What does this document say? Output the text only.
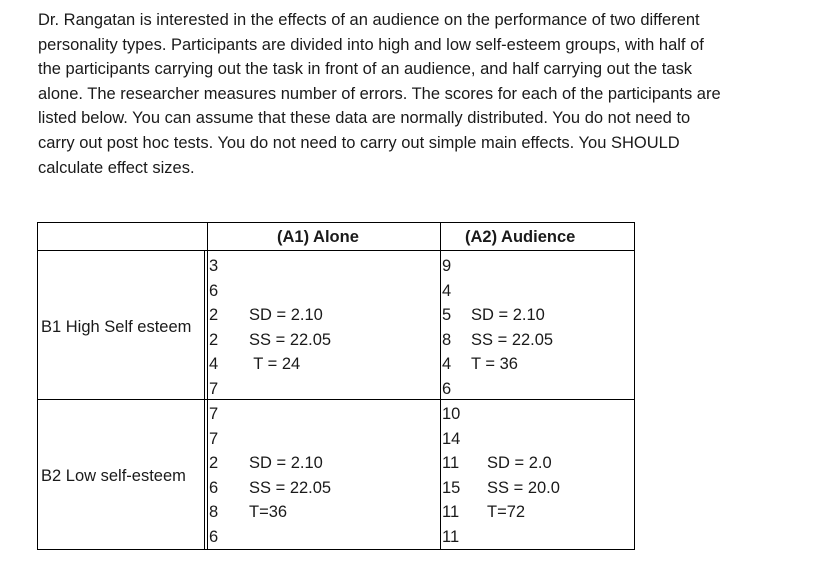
Dr. Rangatan is interested in the effects of an audience on the performance of two different
personality types. Participants are divided into high and low self-esteem groups, with half of
the participants carrying out the task in front of an audience, and half carrying out the task
alone. The researcher measures number of errors. The scores for each of the participants are
listed below. You can assume that these data are normally distributed. You do not need to
carry out post hoc tests. You do not need to carry out simple main effects. You SHOULD
calculate effect sizes.
(A1) Alone	(A2) Audience
B1 High Self esteem
3
6
2
2
4
7
SD = 2.10
SS = 22.05
T = 24
9
4
5
8
4
6
SD = 2.10
SS = 22.05
T = 36
B2 Low self-esteem
7
7
2
6
8
6
SD = 2.10
SS = 22.05
T=36
10
14
11
15
11
11
SD = 2.0
SS = 20.0
T=72
